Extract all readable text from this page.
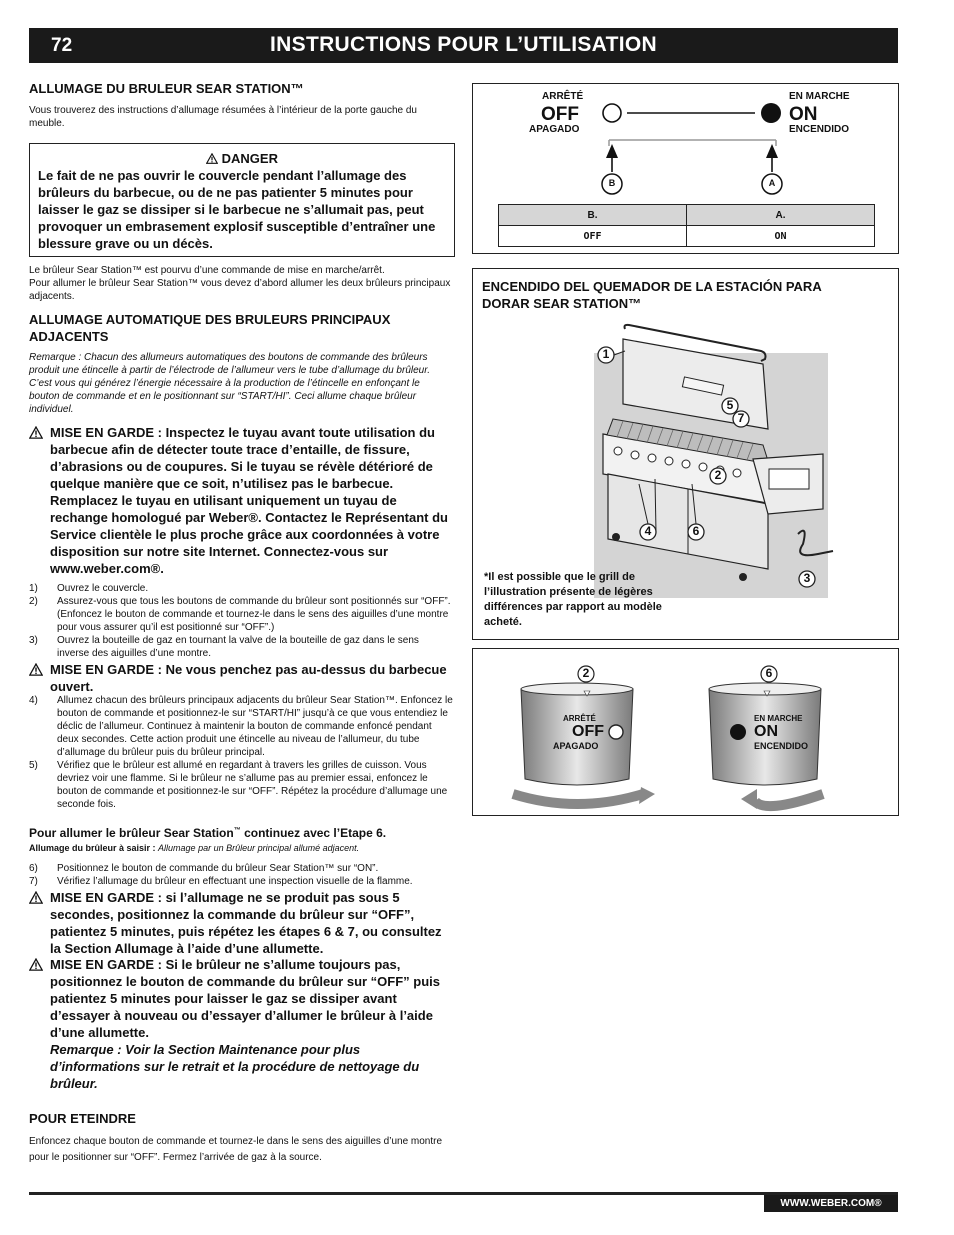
72	INSTRUCTIONS POUR L’UTILISATION
ALLUMAGE DU BRULEUR SEAR STATION™
Vous trouverez des instructions d’allumage résumées à l’intérieur de la porte gauche du meuble.
DANGER
Le fait de ne pas ouvrir le couvercle pendant l’allumage des brûleurs du barbecue, ou de ne pas patienter 5 minutes pour laisser le gaz se dissiper si le barbecue ne s’allumait pas, peut provoquer un embrasement explosif susceptible d’entraîner une blessure grave ou un décès.
Le brûleur Sear Station™ est pourvu d’une commande de mise en marche/arrêt.
Pour allumer le brûleur Sear Station™ vous devez d’abord allumer les deux brûleurs principaux adjacents.
ALLUMAGE AUTOMATIQUE DES BRULEURS PRINCIPAUX ADJACENTS
Remarque : Chacun des allumeurs automatiques des boutons de commande des brûleurs produit une étincelle à partir de l’électrode de l’allumeur vers le tube d’allumage du brûleur. C’est vous qui générez l’énergie nécessaire à la production de l’étincelle en enfonçant le bouton de commande et en le positionnant sur “START/HI”. Ceci allume chaque brûleur individuel.
MISE EN GARDE : Inspectez le tuyau avant toute utilisation du barbecue afin de détecter toute trace d’entaille, de fissure, d’abrasions ou de coupures. Si le tuyau se révèle détérioré de quelque manière que ce soit, n’utilisez pas le barbecue. Remplacez le tuyau en utilisant uniquement un tuyau de rechange homologué par Weber®. Contactez le Représentant du Service clientèle le plus proche grâce aux coordonnées à votre disposition sur notre site Internet. Connectez-vous sur www.weber.com®.
1)	Ouvrez le couvercle.
2)	Assurez-vous que tous les boutons de commande du brûleur sont positionnés sur “OFF”. (Enfoncez le bouton de commande et tournez-le dans le sens des aiguilles d’une montre pour vous assurer qu’il est positionné sur “OFF”.)
3)	Ouvrez la bouteille de gaz en tournant la valve de la bouteille de gaz dans le sens inverse des aiguilles d’une montre.
MISE EN GARDE : Ne vous penchez pas au-dessus du barbecue ouvert.
4)	Allumez chacun des brûleurs principaux adjacents du brûleur Sear Station™. Enfoncez le bouton de commande et positionnez-le sur “START/HI” jusqu’à ce que vous entendiez le déclic de l’allumeur. Continuez à maintenir la bouton de commande enfoncé pendant deux secondes. Cette action produit une étincelle au niveau de l’allumeur, du tube d’allumage du brûleur puis du brûleur principal.
5)	Vérifiez que le brûleur est allumé en regardant à travers les grilles de cuisson. Vous devriez voir une flamme. Si le brûleur ne s’allume pas au premier essai, enfoncez le bouton de commande et positionnez-le sur “OFF”. Répétez la procédure d’allumage une seconde fois.
Pour allumer le brûleur Sear Station™ continuez avec l’Etape 6.
Allumage du brûleur à saisir : Allumage par un Brûleur principal allumé adjacent.
6)	Positionnez le bouton de commande du brûleur Sear Station™ sur “ON”.
7)	Vérifiez l’allumage du brûleur en effectuant une inspection visuelle de la flamme.
MISE EN GARDE : si l’allumage ne se produit pas sous 5 secondes, positionnez la commande du brûleur sur “OFF”, patientez 5 minutes, puis répétez les étapes 6 & 7, ou consultez la Section Allumage à l’aide d’une allumette.
MISE EN GARDE : Si le brûleur ne s’allume toujours pas, positionnez le bouton de commande du brûleur sur “OFF” puis patientez 5 minutes pour laisser le gaz se dissiper avant d’essayer à nouveau ou d’essayer d’allumer le brûleur à l’aide d’une allumette.
Remarque : Voir la Section Maintenance pour plus d’informations sur le retrait et la procédure de nettoyage du brûleur.
POUR ETEINDRE
Enfoncez chaque bouton de commande et tournez-le dans le sens des aiguilles d’une montre pour le positionner sur “OFF”. Fermez l’arrivée de gaz à la source.
ARRÊTÉ
OFF
APAGADO
EN MARCHE
ON
ENCENDIDO
B	A
B.	A.
OFF	ON
ENCENDIDO DEL QUEMADOR DE LA ESTACIÓN PARA DORAR SEAR STATION™
1
2
3
4
5
6
7
*Il est possible que le grill de l’illustration présente de légères différences par rapport au modèle acheté.
2	6
ARRÊTÉ
OFF
APAGADO
EN MARCHE
ON
ENCENDIDO
WWW.WEBER.COM®
